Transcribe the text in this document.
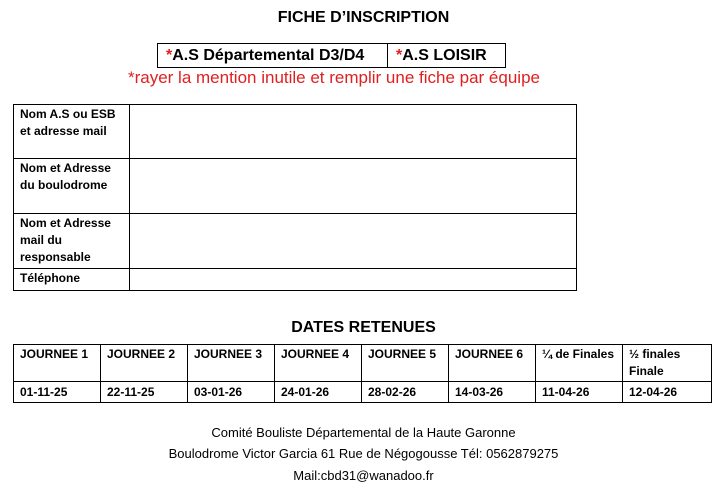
FICHE D’INSCRIPTION
* A.S Départemental D3/D4 * A.S LOISIR
*rayer la mention inutile et remplir une fiche par équipe
Nom A.S ou ESB et adresse mail	
Nom et Adresse du boulodrome	
Nom et Adresse mail du responsable	
Téléphone	
DATES RETENUES
JOURNEE 1	JOURNEE 2	JOURNEE 3	JOURNEE 4	JOURNEE 5	JOURNEE 6	¼ de Finales	½ finales Finale
01-11-25	22-11-25	03-01-26	24-01-26	28-02-26	14-03-26	11-04-26	12-04-26
Comité Bouliste Départemental de la Haute Garonne
Boulodrome Victor Garcia 61 Rue de Négogousse Tél: 0562879275
Mail:cbd31@wanadoo.fr
